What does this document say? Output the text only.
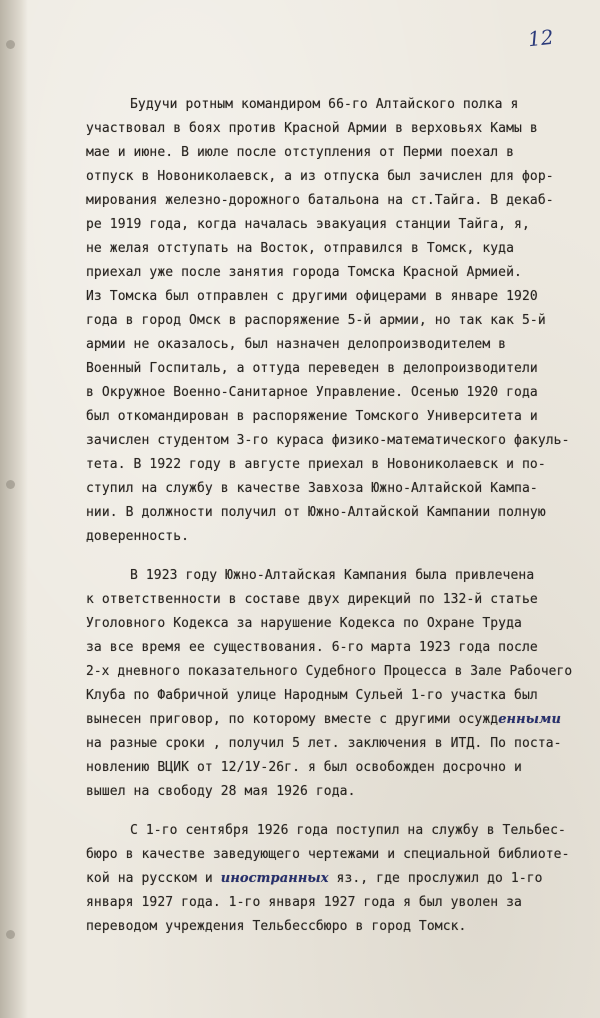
12
Будучи ротным командиром 66-го Алтайского полка я
участвовал в боях против Красной Армии в верховьях Камы в
мае и июне. В июле после отступления от Перми поехал в
отпуск в Новониколаевск, а из отпуска был зачислен для фор-
мирования железно-дорожного батальона на ст.Тайга. В декаб-
ре 1919 года, когда началась эвакуация станции Тайга, я,
не желая отступать на Восток, отправился в Томск, куда
приехал уже после занятия города Томска Красной Армией.
Из Томска был отправлен с другими офицерами в январе 1920
года в город Омск в распоряжение 5-й армии, но так как 5-й
армии не оказалось, был назначен делопроизводителем в
Военный Госпиталь, а оттуда переведен в делопроизводители
в Окружное Военно-Санитарное Управление. Осенью 1920 года
был откомандирован в распоряжение Томского Университета и
зачислен студентом 3-го кураса физико-математического факуль-
тета. В 1922 году в августе приехал в Новониколаевск и по-
ступил на службу в качестве Завхоза Южно-Алтайской Кампа-
нии. В должности получил от Южно-Алтайской Кампании полную
доверенность.
В 1923 году Южно-Алтайская Кампания была привлечена
к ответственности в составе двух дирекций по 132-й статье
Уголовного Кодекса за нарушение Кодекса по Охране Труда
за все время ее существования. 6-го марта 1923 года после
2-х дневного показательного Судебного Процесса в Зале Рабочего
Клуба по Фабричной улице Народным Сульей 1-го участка был
вынесен приговор, по которому вместе с другими осужденными
на разные сроки , получил 5 лет. заключения в ИТД. По поста-
новлению ВЦИК от 12/1У-26г. я был освобожден досрочно и
вышел на свободу 28 мая 1926 года.
С 1-го сентября 1926 года поступил на службу в Тельбес-
бюро в качестве заведующего чертежами и специальной библиоте-
кой на русском и иностранных яз., где прослужил до 1-го
января 1927 года. 1-го января 1927 года я был уволен за
переводом учреждения Тельбессбюро в город Томск.
